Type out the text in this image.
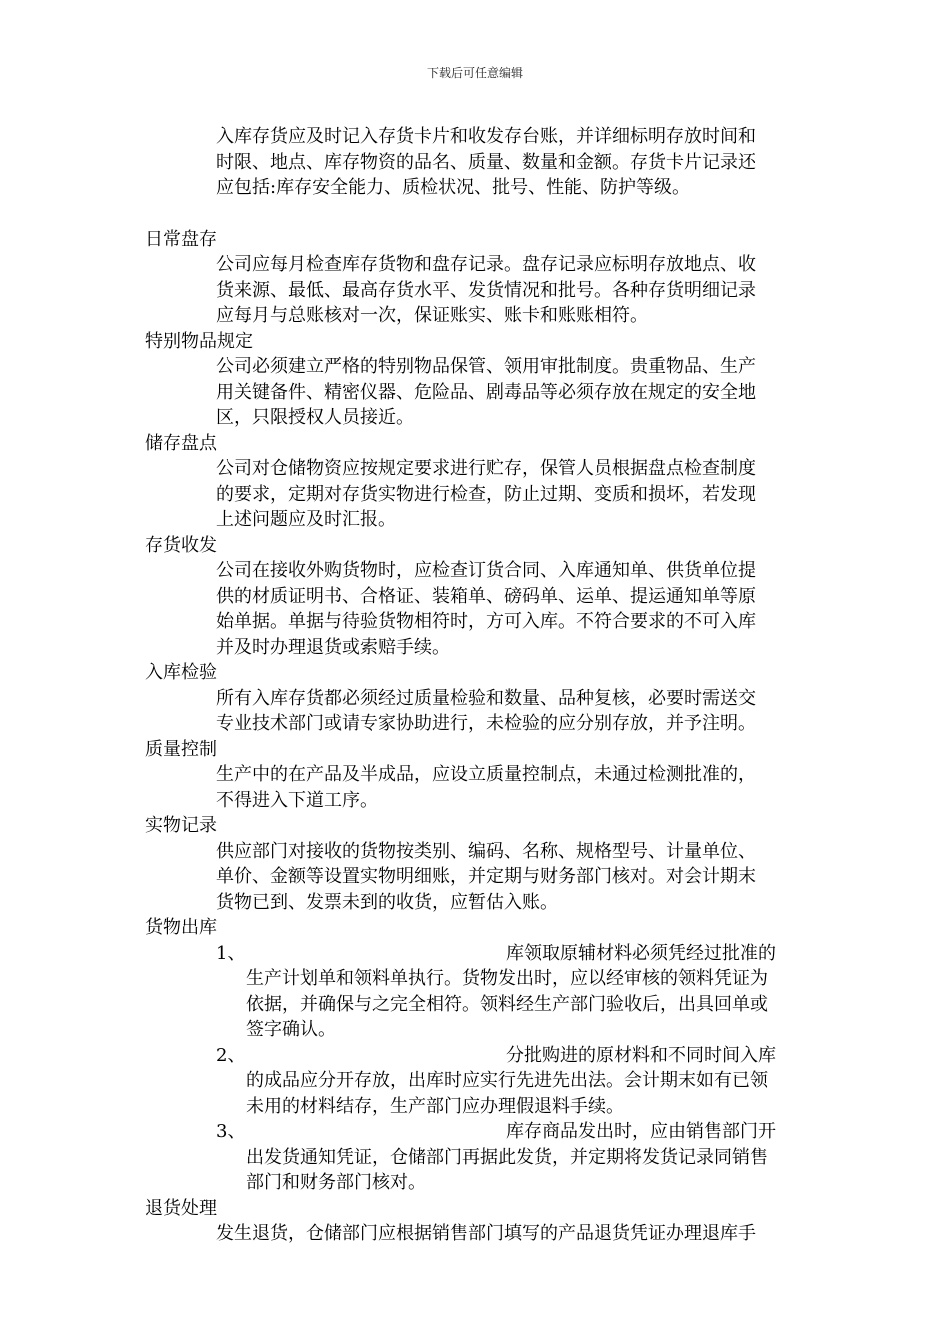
下载后可任意编辑

入库存货应及时记入存货卡片和收发存台账，并详细标明存放时间和

时限、地点、库存物资的品名、质量、数量和金额。存货卡片记录还

应包括:库存安全能力、质检状况、批号、性能、防护等级。

日常盘存

公司应每月检查库存货物和盘存记录。盘存记录应标明存放地点、收

货来源、最低、最高存货水平、发货情况和批号。各种存货明细记录

应每月与总账核对一次，保证账实、账卡和账账相符。

特别物品规定

公司必须建立严格的特别物品保管、领用审批制度。贵重物品、生产

用关键备件、精密仪器、危险品、剧毒品等必须存放在规定的安全地

区，只限授权人员接近。

储存盘点

公司对仓储物资应按规定要求进行贮存，保管人员根据盘点检查制度

的要求，定期对存货实物进行检查，防止过期、变质和损坏，若发现

上述问题应及时汇报。

存货收发

公司在接收外购货物时，应检查订货合同、入库通知单、供货单位提

供的材质证明书、合格证、装箱单、磅码单、运单、提运通知单等原

始单据。单据与待验货物相符时，方可入库。不符合要求的不可入库

并及时办理退货或索赔手续。

入库检验

所有入库存货都必须经过质量检验和数量、品种复核，必要时需送交

专业技术部门或请专家协助进行，未检验的应分别存放，并予注明。

质量控制

生产中的在产品及半成品，应设立质量控制点，未通过检测批准的，

不得进入下道工序。

实物记录

供应部门对接收的货物按类别、编码、名称、规格型号、计量单位、

单价、金额等设置实物明细账，并定期与财务部门核对。对会计期末

货物已到、发票未到的收货，应暂估入账。

货物出库

1、	库领取原辅材料必须凭经过批准的

生产计划单和领料单执行。货物发出时，应以经审核的领料凭证为

依据，并确保与之完全相符。领料经生产部门验收后，出具回单或

签字确认。

2、	分批购进的原材料和不同时间入库

的成品应分开存放，出库时应实行先进先出法。会计期末如有已领

未用的材料结存，生产部门应办理假退料手续。

3、	库存商品发出时，应由销售部门开

出发货通知凭证，仓储部门再据此发货，并定期将发货记录同销售

部门和财务部门核对。

退货处理

发生退货，仓储部门应根据销售部门填写的产品退货凭证办理退库手
